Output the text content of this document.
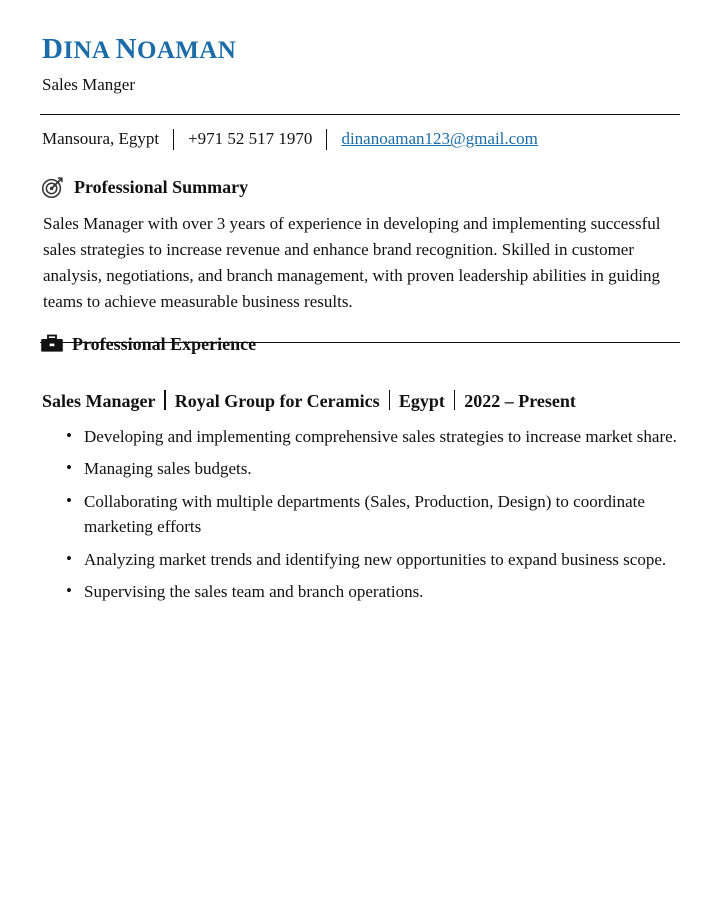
DINA NOAMAN
Sales Manger
Mansoura, Egypt +971 52 517 1970 dinanoaman123@gmail.com
Professional Summary

Sales Manager with over 3 years of experience in developing and implementing successful sales strategies to increase revenue and enhance brand recognition. Skilled in customer analysis, negotiations, and branch management, with proven leadership abilities in guiding teams to achieve measurable business results.

Professional Experience
Sales Manager Royal Group for Ceramics Egypt 2022 – Present
• Developing and implementing comprehensive sales strategies to increase market share.
• Managing sales budgets.
• Collaborating with multiple departments (Sales, Production, Design) to coordinate marketing efforts
• Analyzing market trends and identifying new opportunities to expand business scope.
• Supervising the sales team and branch operations.
